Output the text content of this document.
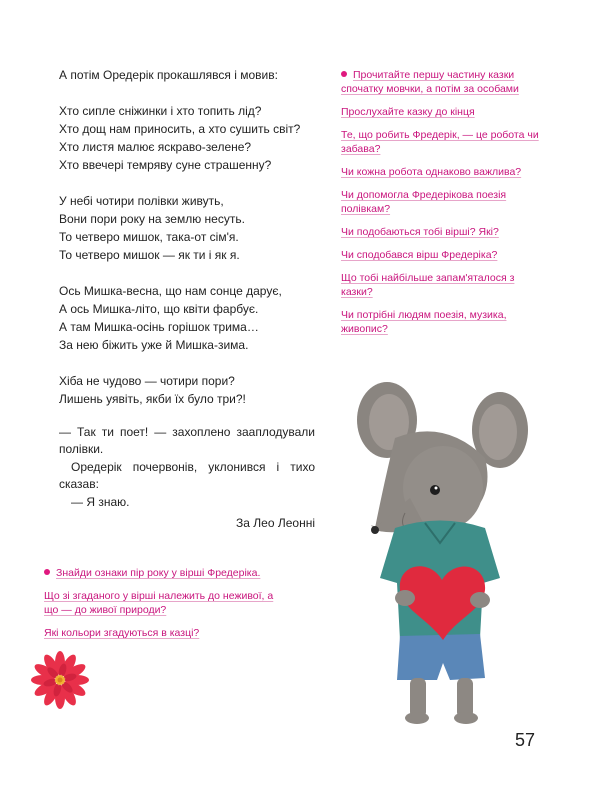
А потім Оредерік прокашлявся і мовив:
Хто сипле сніжинки і хто топить лід?
Хто дощ нам приносить, а хто сушить світ?
Хто листя малює яскраво-зелене?
Хто ввечері темряву суне страшенну?
У небі чотири полівки живуть,
Вони пори року на землю несуть.
То четверо мишок, така-от сім'я.
То четверо мишок — як ти і як я.
Ось Мишка-весна, що нам сонце дарує,
А ось Мишка-літо, що квіти фарбує.
А там Мишка-осінь горішок трима…
За нею біжить уже й Мишка-зима.
Хіба не чудово — чотири пори?
Лишень уявіть, якби їх було три?!

— Так ти поет! — захоплено зааплодували полівки.

Оредерік почервонів, уклонився і тихо сказав:

— Я знаю.

За Лео Леонні
Прочитайте першу частину казки спочатку мовчки, а потім за особами
Прослухайте казку до кінця
Те, що робить Фредерік, — це робота чи забава?
Чи кожна робота однаково важлива?
Чи допомогла Фредерікова поезія полівкам?
Чи подобаються тобі вірші? Які?
Чи сподобався вірш Фредеріка?
Що тобі найбільше запам'яталося з казки?
Чи потрібні людям поезія, музика, живопис?
Знайди ознаки пір року у вірші Фредеріка.
Що зі згаданого у вірші належить до неживої, а що — до живої природи?
Які кольори згадуються в казці?
57
